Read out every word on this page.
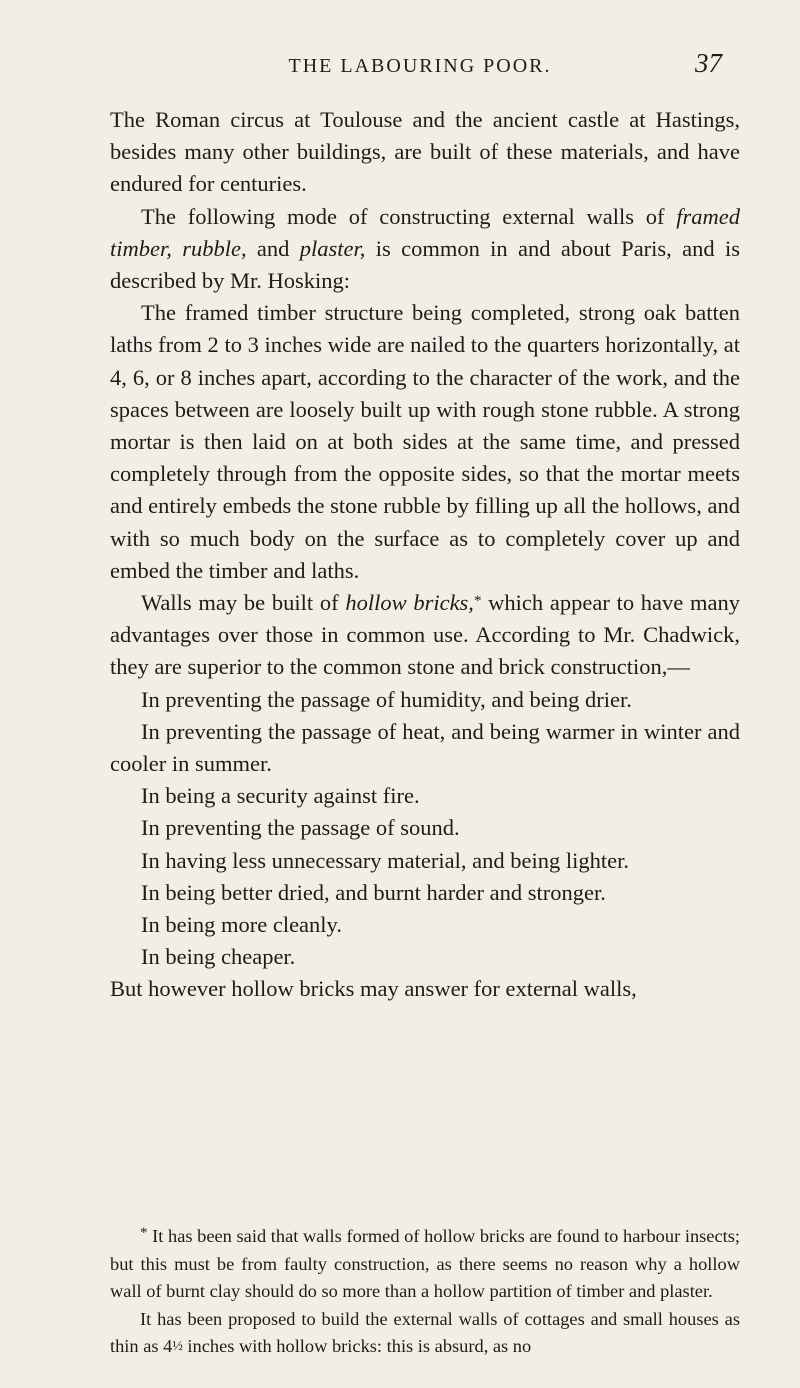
THE LABOURING POOR.	37

The Roman circus at Toulouse and the ancient castle at Hastings, besides many other buildings, are built of these materials, and have endured for centuries.

The following mode of constructing external walls of framed timber, rubble, and plaster, is common in and about Paris, and is described by Mr. Hosking:

The framed timber structure being completed, strong oak batten laths from 2 to 3 inches wide are nailed to the quarters horizontally, at 4, 6, or 8 inches apart, according to the character of the work, and the spaces between are loosely built up with rough stone rubble. A strong mortar is then laid on at both sides at the same time, and pressed completely through from the opposite sides, so that the mortar meets and entirely embeds the stone rubble by filling up all the hollows, and with so much body on the surface as to completely cover up and embed the timber and laths.

Walls may be built of hollow bricks,* which appear to have many advantages over those in common use. According to Mr. Chadwick, they are superior to the common stone and brick construction,—

In preventing the passage of humidity, and being drier.

In preventing the passage of heat, and being warmer in winter and cooler in summer.

In being a security against fire.

In preventing the passage of sound.

In having less unnecessary material, and being lighter.

In being better dried, and burnt harder and stronger.

In being more cleanly.

In being cheaper.

But however hollow bricks may answer for external walls,

* It has been said that walls formed of hollow bricks are found to harbour insects; but this must be from faulty construction, as there seems no reason why a hollow wall of burnt clay should do so more than a hollow partition of timber and plaster.

It has been proposed to build the external walls of cottages and small houses as thin as 4½ inches with hollow bricks: this is absurd, as no
